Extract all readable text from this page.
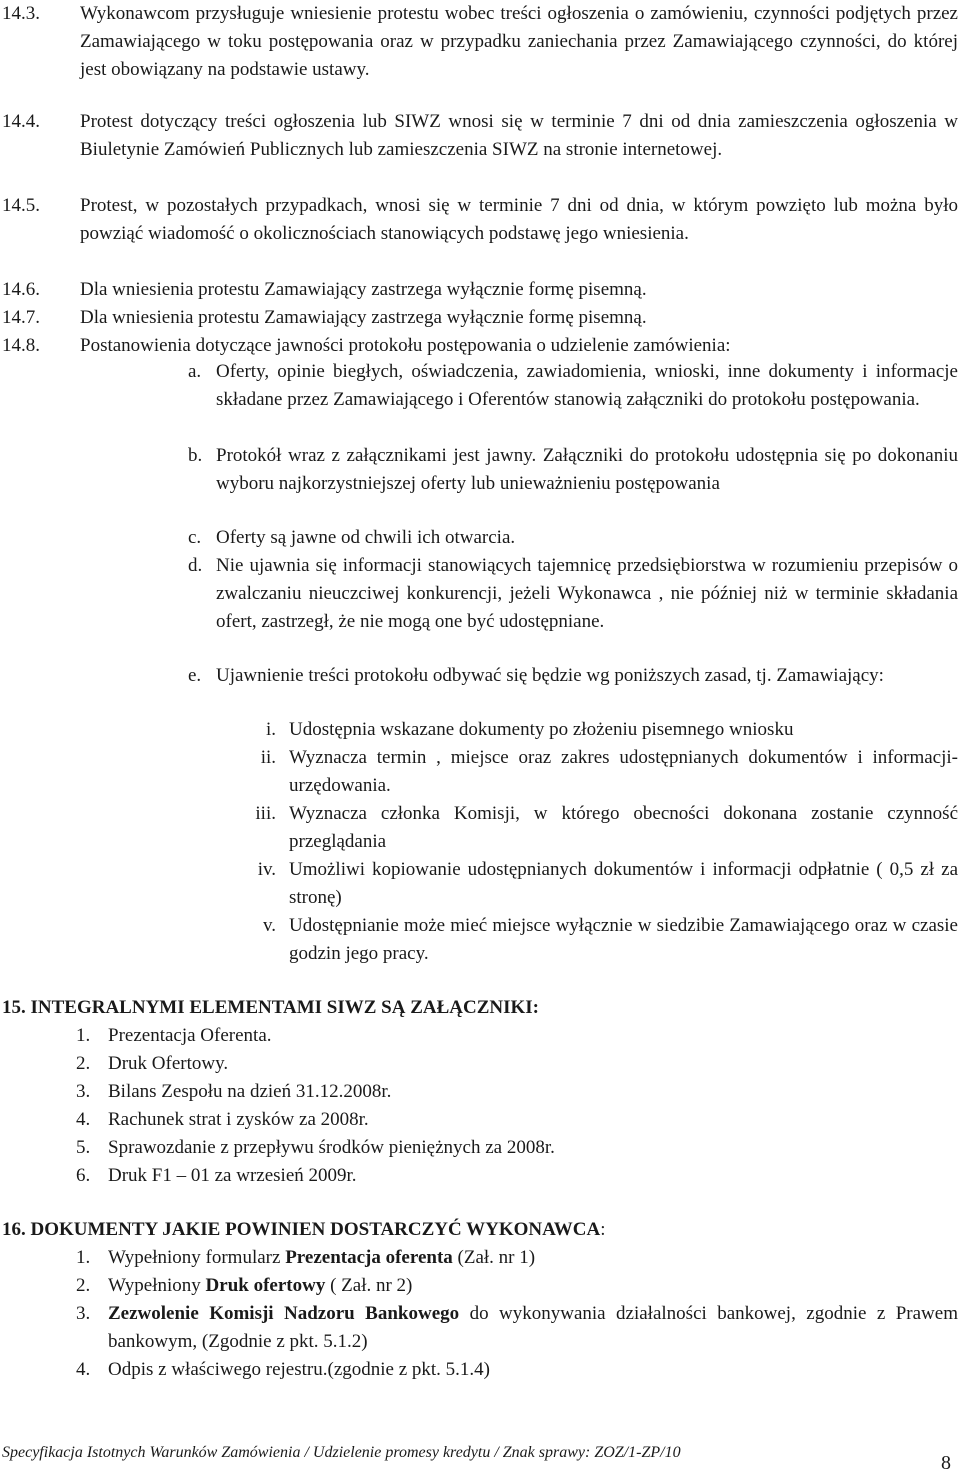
14.3. Wykonawcom przysługuje wniesienie protestu wobec treści ogłoszenia o zamówieniu, czynności podjętych przez Zamawiającego w toku postępowania oraz w przypadku zaniechania przez Zamawiającego czynności, do której jest obowiązany na podstawie ustawy.
14.4. Protest dotyczący treści ogłoszenia lub SIWZ wnosi się w terminie 7 dni od dnia zamieszczenia ogłoszenia w Biuletynie Zamówień Publicznych lub zamieszczenia SIWZ na stronie internetowej.
14.5. Protest, w pozostałych przypadkach, wnosi się w terminie 7 dni od dnia, w którym powzięto lub można było powziąć wiadomość o okolicznościach stanowiących podstawę jego wniesienia.
14.6. Dla wniesienia protestu Zamawiający zastrzega wyłącznie formę pisemną.
14.7. Dla wniesienia protestu Zamawiający zastrzega wyłącznie formę pisemną.
14.8. Postanowienia dotyczące jawności protokołu postępowania o udzielenie zamówienia:
a. Oferty, opinie biegłych, oświadczenia, zawiadomienia, wnioski, inne dokumenty i informacje składane przez Zamawiającego i Oferentów stanowią załączniki do protokołu postępowania.
b. Protokół wraz z załącznikami jest jawny. Załączniki do protokołu udostępnia się po dokonaniu wyboru najkorzystniejszej oferty lub unieważnieniu postępowania
c. Oferty są jawne od chwili ich otwarcia.
d. Nie ujawnia się informacji stanowiących tajemnicę przedsiębiorstwa w rozumieniu przepisów o zwalczaniu nieuczciwej konkurencji, jeżeli Wykonawca , nie później niż w terminie składania ofert, zastrzegł, że nie mogą one być udostępniane.
e. Ujawnienie treści protokołu odbywać się będzie wg poniższych zasad, tj. Zamawiający:
i. Udostępnia wskazane dokumenty po złożeniu pisemnego wniosku
ii. Wyznacza termin , miejsce oraz zakres udostępnianych dokumentów i informacji-urzędowania.
iii. Wyznacza członka Komisji, w którego obecności dokonana zostanie czynność przeglądania
iv. Umożliwi kopiowanie udostępnianych dokumentów i informacji odpłatnie ( 0,5 zł za stronę)
v. Udostępnianie może mieć miejsce wyłącznie w siedzibie Zamawiającego oraz w czasie godzin jego pracy.
15. INTEGRALNYMI ELEMENTAMI SIWZ SĄ ZAŁĄCZNIKI:
1. Prezentacja Oferenta.
2. Druk Ofertowy.
3. Bilans Zespołu na dzień 31.12.2008r.
4. Rachunek strat i zysków za 2008r.
5. Sprawozdanie z przepływu środków pieniężnych za 2008r.
6. Druk F1 – 01 za wrzesień 2009r.
16. DOKUMENTY JAKIE POWINIEN DOSTARCZYĆ WYKONAWCA:
1. Wypełniony formularz Prezentacja oferenta (Zał. nr 1)
2. Wypełniony Druk ofertowy ( Zał. nr 2)
3. Zezwolenie Komisji Nadzoru Bankowego do wykonywania działalności bankowej, zgodnie z Prawem bankowym, (Zgodnie z pkt. 5.1.2)
4. Odpis z właściwego rejestru.(zgodnie z pkt. 5.1.4)
Specyfikacja Istotnych Warunków Zamówienia / Udzielenie promesy kredytu / Znak sprawy: ZOZ/1-ZP/10	8
